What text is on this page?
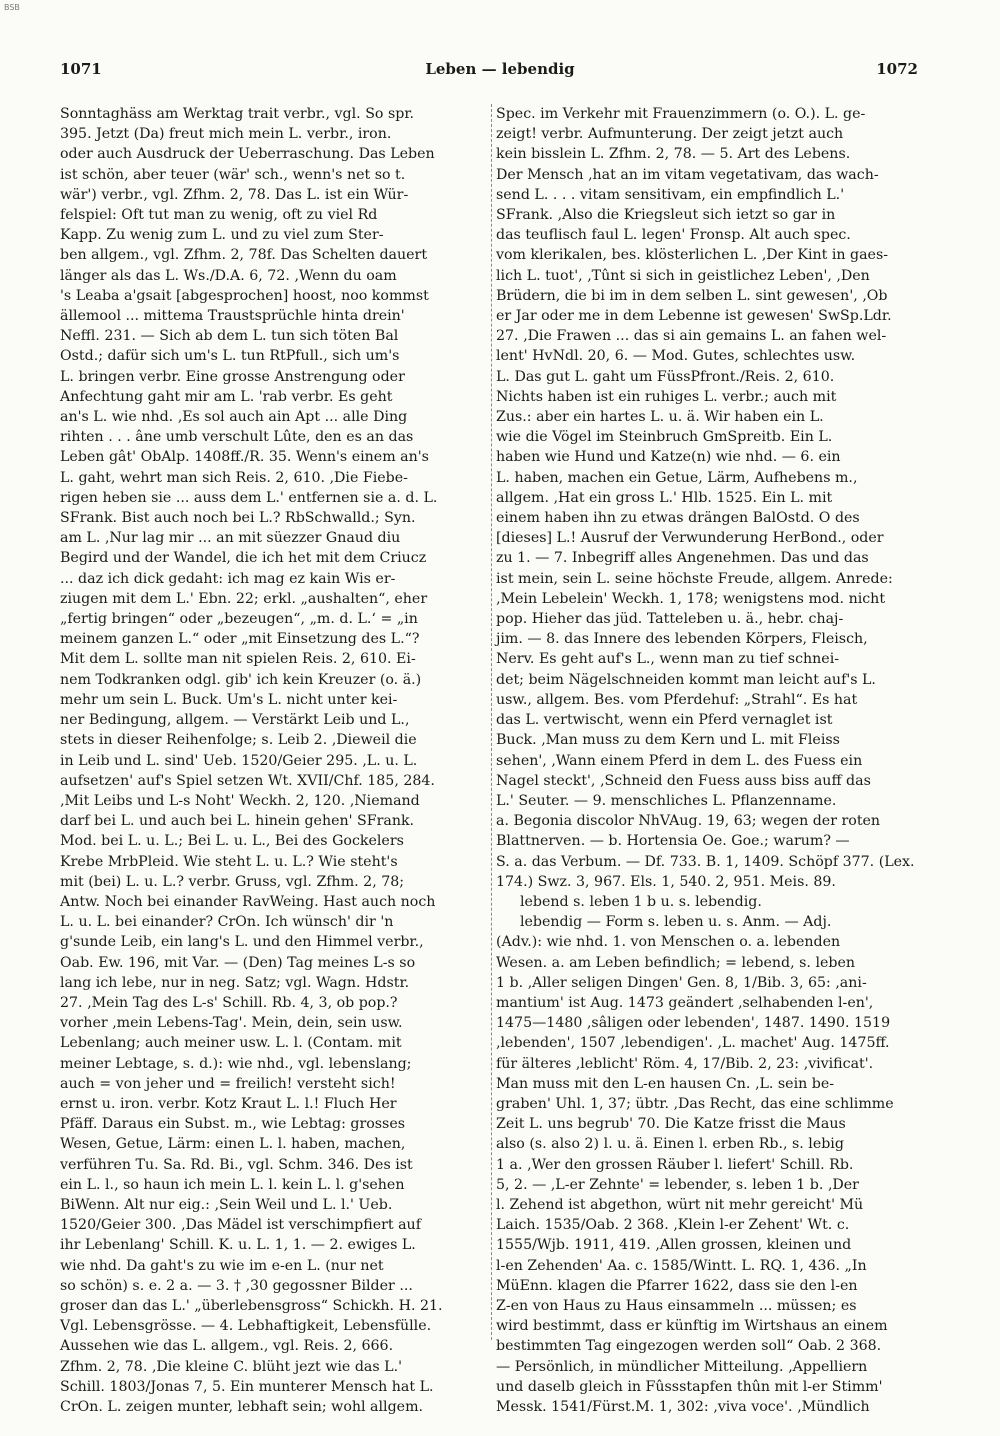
BSB
1071	Leben — lebendig	1072
Sonntaghäss am Werktag trait verbr., vgl. So spr.
395. Jetzt (Da) freut mich mein L. verbr., iron.
oder auch Ausdruck der Ueberraschung. Das Leben
ist schön, aber teuer (wär' sch., wenn's net so t.
wär') verbr., vgl. Zfhm. 2, 78. Das L. ist ein Wür-
felspiel: Oft tut man zu wenig, oft zu viel Rd
Kapp. Zu wenig zum L. und zu viel zum Ster-
ben allgem., vgl. Zfhm. 2, 78f. Das Schelten dauert
länger als das L. Ws./D.A. 6, 72. ‚Wenn du oam
's Leaba a'gsait [abgesprochen] hoost, noo kommst
ällemool ... mittema Traustsprüchle hinta drein'
Neffl. 231. — Sich ab dem L. tun sich töten Bal
Ostd.; dafür sich um's L. tun RtPfull., sich um's
L. bringen verbr. Eine grosse Anstrengung oder
Anfechtung gaht mir am L. 'rab verbr. Es geht
an's L. wie nhd. ‚Es sol auch ain Apt ... alle Ding
rihten . . . âne umb verschult Lûte, den es an das
Leben gât' ObAlp. 1408ff./R. 35. Wenn's einem an's
L. gaht, wehrt man sich Reis. 2, 610. ‚Die Fiebe-
rigen heben sie ... auss dem L.' entfernen sie a. d. L.
SFrank. Bist auch noch bei L.? RbSchwalld.; Syn.
am L. ‚Nur lag mir ... an mit süezzer Gnaud diu
Begird und der Wandel, die ich het mit dem Criucz
... daz ich dick gedaht: ich mag ez kain Wis er-
ziugen mit dem L.' Ebn. 22; erkl. „aushalten“, eher
„fertig bringen“ oder „bezeugen“, „m. d. L.‘ = „in
meinem ganzen L.“ oder „mit Einsetzung des L.“?
Mit dem L. sollte man nit spielen Reis. 2, 610. Ei-
nem Todkranken odgl. gib' ich kein Kreuzer (o. ä.)
mehr um sein L. Buck. Um's L. nicht unter kei-
ner Bedingung, allgem. — Verstärkt Leib und L.,
stets in dieser Reihenfolge; s. Leib 2. ‚Dieweil die
in Leib und L. sind' Ueb. 1520/Geier 295. ‚L. u. L.
aufsetzen' auf's Spiel setzen Wt. XVII/Chf. 185, 284.
‚Mit Leibs und L-s Noht' Weckh. 2, 120. ‚Niemand
darf bei L. und auch bei L. hinein gehen' SFrank.
Mod. bei L. u. L.; Bei L. u. L., Bei des Gockelers
Krebe MrbPleid. Wie steht L. u. L.? Wie steht's
mit (bei) L. u. L.? verbr. Gruss, vgl. Zfhm. 2, 78;
Antw. Noch bei einander RavWeing. Hast auch noch
L. u. L. bei einander? CrOn. Ich wünsch' dir 'n
g'sunde Leib, ein lang's L. und den Himmel verbr.,
Oab. Ew. 196, mit Var. — (Den) Tag meines L-s so
lang ich lebe, nur in neg. Satz; vgl. Wagn. Hdstr.
27. ‚Mein Tag des L-s' Schill. Rb. 4, 3, ob pop.?
vorher ‚mein Lebens-Tag'. Mein, dein, sein usw.
Lebenlang; auch meiner usw. L. l. (Contam. mit
meiner Lebtage, s. d.): wie nhd., vgl. lebenslang;
auch = von jeher und = freilich! versteht sich!
ernst u. iron. verbr. Kotz Kraut L. l.! Fluch Her
Pfäff. Daraus ein Subst. m., wie Lebtag: grosses
Wesen, Getue, Lärm: einen L. l. haben, machen,
verführen Tu. Sa. Rd. Bi., vgl. Schm. 346. Des ist
ein L. l., so haun ich mein L. l. kein L. l. g'sehen
BiWenn. Alt nur eig.: ‚Sein Weil und L. l.' Ueb.
1520/Geier 300. ‚Das Mädel ist verschimpfiert auf
ihr Lebenlang' Schill. K. u. L. 1, 1. — 2. ewiges L.
wie nhd. Da gaht's zu wie im e-en L. (nur net
so schön) s. e. 2 a. — 3. † ‚30 gegossner Bilder ...
groser dan das L.' „überlebensgross“ Schickh. H. 21.
Vgl. Lebensgrösse. — 4. Lebhaftigkeit, Lebensfülle.
Aussehen wie das L. allgem., vgl. Reis. 2, 666.
Zfhm. 2, 78. ‚Die kleine C. blüht jezt wie das L.'
Schill. 1803/Jonas 7, 5. Ein munterer Mensch hat L.
CrOn. L. zeigen munter, lebhaft sein; wohl allgem.
Spec. im Verkehr mit Frauenzimmern (o. O.). L. ge-
zeigt! verbr. Aufmunterung. Der zeigt jetzt auch
kein bisslein L. Zfhm. 2, 78. — 5. Art des Lebens.
Der Mensch ‚hat an im vitam vegetativam, das wach-
send L. . . . vitam sensitivam, ein empfindlich L.'
SFrank. ‚Also die Kriegsleut sich ietzt so gar in
das teuflisch faul L. legen' Fronsp. Alt auch spec.
vom klerikalen, bes. klösterlichen L. ‚Der Kint in gaes-
lich L. tuot', ‚Tûnt si sich in geistlichez Leben', ‚Den
Brüdern, die bi im in dem selben L. sint gewesen', ‚Ob
er Jar oder me in dem Lebenne ist gewesen' SwSp.Ldr.
27. ‚Die Frawen ... das si ain gemains L. an fahen wel-
lent' HvNdl. 20, 6. — Mod. Gutes, schlechtes usw.
L. Das gut L. gaht um FüssPfront./Reis. 2, 610.
Nichts haben ist ein ruhiges L. verbr.; auch mit
Zus.: aber ein hartes L. u. ä. Wir haben ein L.
wie die Vögel im Steinbruch GmSpreitb. Ein L.
haben wie Hund und Katze(n) wie nhd. — 6. ein
L. haben, machen ein Getue, Lärm, Aufhebens m.,
allgem. ‚Hat ein gross L.' Hlb. 1525. Ein L. mit
einem haben ihn zu etwas drängen BalOstd. O des
[dieses] L.! Ausruf der Verwunderung HerBond., oder
zu 1. — 7. Inbegriff alles Angenehmen. Das und das
ist mein, sein L. seine höchste Freude, allgem. Anrede:
‚Mein Lebelein' Weckh. 1, 178; wenigstens mod. nicht
pop. Hieher das jüd. Tatteleben u. ä., hebr. chaj-
jim. — 8. das Innere des lebenden Körpers, Fleisch,
Nerv. Es geht auf's L., wenn man zu tief schnei-
det; beim Nägelschneiden kommt man leicht auf's L.
usw., allgem. Bes. vom Pferdehuf: „Strahl“. Es hat
das L. vertwischt, wenn ein Pferd vernaglet ist
Buck. ‚Man muss zu dem Kern und L. mit Fleiss
sehen', ‚Wann einem Pferd in dem L. des Fuess ein
Nagel steckt', ‚Schneid den Fuess auss biss auff das
L.' Seuter. — 9. menschliches L. Pflanzenname.
a. Begonia discolor NhVAug. 19, 63; wegen der roten
Blattnerven. — b. Hortensia Oe. Goe.; warum? —
S. a. das Verbum. — Df. 733. B. 1, 1409. Schöpf 377. (Lex.
174.) Swz. 3, 967. Els. 1, 540. 2, 951. Meis. 89.
lebend s. leben 1 b u. s. lebendig.
lebendig — Form s. leben u. s. Anm. — Adj.
(Adv.): wie nhd. 1. von Menschen o. a. lebenden
Wesen. a. am Leben befindlich; = lebend, s. leben
1 b. ‚Aller seligen Dingen' Gen. 8, 1/Bib. 3, 65: ‚ani-
mantium' ist Aug. 1473 geändert ‚selhabenden l-en',
1475—1480 ‚sâligen oder lebenden', 1487. 1490. 1519
‚lebenden', 1507 ‚lebendigen'. ‚L. machet' Aug. 1475ff.
für älteres ‚leblicht' Röm. 4, 17/Bib. 2, 23: ‚vivificat'.
Man muss mit den L-en hausen Cn. ‚L. sein be-
graben' Uhl. 1, 37; übtr. ‚Das Recht, das eine schlimme
Zeit L. uns begrub' 70. Die Katze frisst die Maus
also (s. also 2) l. u. ä. Einen l. erben Rb., s. lebig
1 a. ‚Wer den grossen Räuber l. liefert' Schill. Rb.
5, 2. — ‚L-er Zehnte' = lebender, s. leben 1 b. ‚Der
l. Zehend ist abgethon, würt nit mehr gereicht' Mü
Laich. 1535/Oab. 2 368. ‚Klein l-er Zehent' Wt. c.
1555/Wjb. 1911, 419. ‚Allen grossen, kleinen und
l-en Zehenden' Aa. c. 1585/Wintt. L. RQ. 1, 436. „In
MüEnn. klagen die Pfarrer 1622, dass sie den l-en
Z-en von Haus zu Haus einsammeln ... müssen; es
wird bestimmt, dass er künftig im Wirtshaus an einem
bestimmten Tag eingezogen werden soll“ Oab. 2 368.
— Persönlich, in mündlicher Mitteilung. ‚Appelliern
und daselb gleich in Fûssstapfen thûn mit l-er Stimm'
Messk. 1541/Fürst.M. 1, 302: ‚viva voce'. ‚Mündlich
